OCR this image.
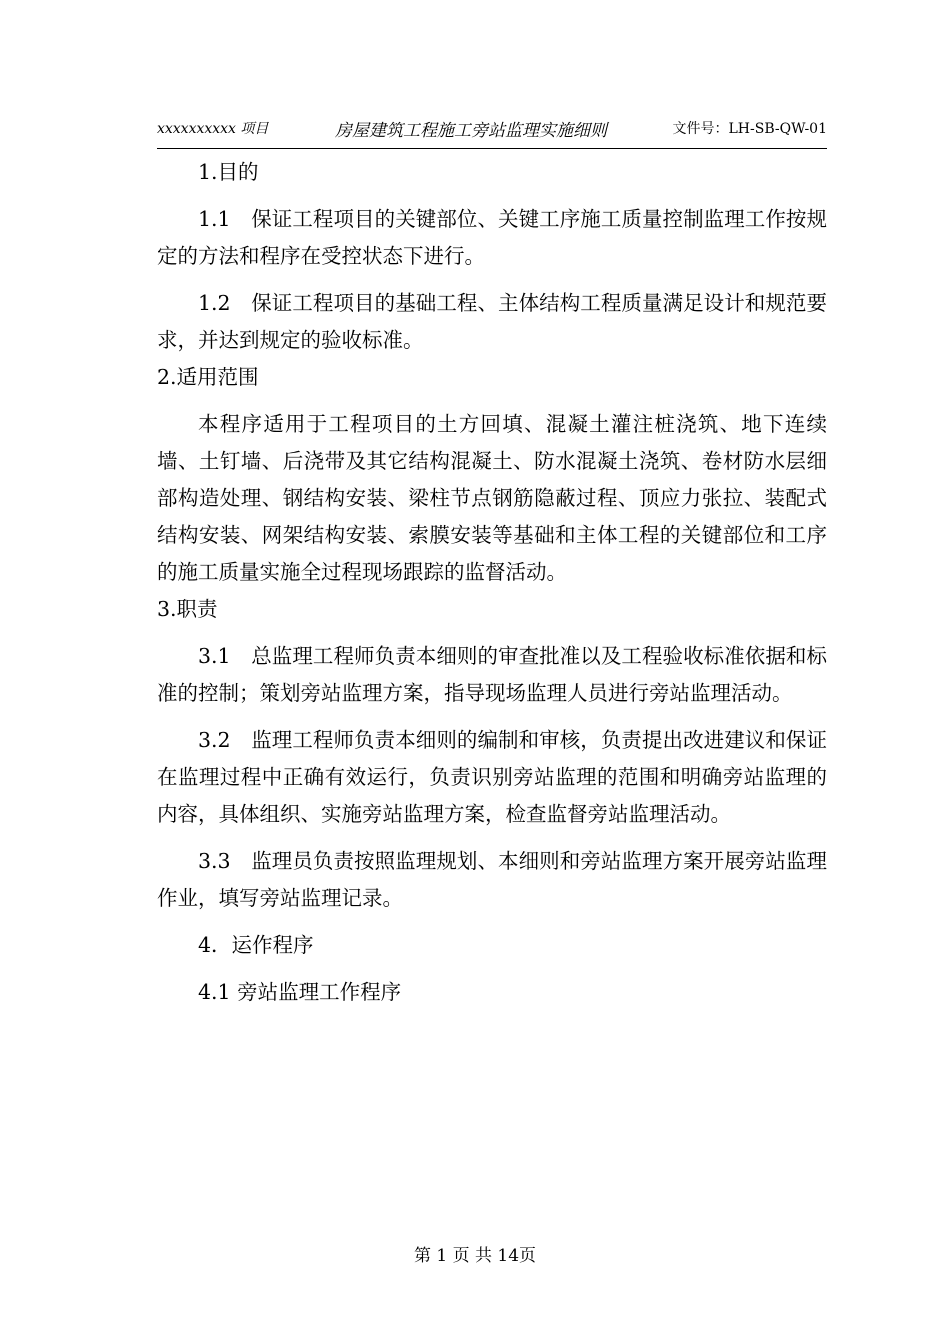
xxxxxxxxxx 项目	房屋建筑工程施工旁站监理实施细则	文件号：LH-SB-QW-01

1.目的

1.1　保证工程项目的关键部位、关键工序施工质量控制监理工作按规定的方法和程序在受控状态下进行。

1.2　保证工程项目的基础工程、主体结构工程质量满足设计和规范要求，并达到规定的验收标准。

2.适用范围

本程序适用于工程项目的土方回填、混凝土灌注桩浇筑、地下连续墙、土钉墙、后浇带及其它结构混凝土、防水混凝土浇筑、卷材防水层细部构造处理、钢结构安装、梁柱节点钢筋隐蔽过程、顶应力张拉、装配式结构安装、网架结构安装、索膜安装等基础和主体工程的关键部位和工序的施工质量实施全过程现场跟踪的监督活动。

3.职责

3.1　总监理工程师负责本细则的审查批准以及工程验收标准依据和标准的控制；策划旁站监理方案，指导现场监理人员进行旁站监理活动。

3.2　监理工程师负责本细则的编制和审核，负责提出改进建议和保证在监理过程中正确有效运行，负责识别旁站监理的范围和明确旁站监理的内容，具体组织、实施旁站监理方案，检查监督旁站监理活动。

3.3　监理员负责按照监理规划、本细则和旁站监理方案开展旁站监理作业，填写旁站监理记录。

4．运作程序

4.1 旁站监理工作程序

第 1 页 共 14页
